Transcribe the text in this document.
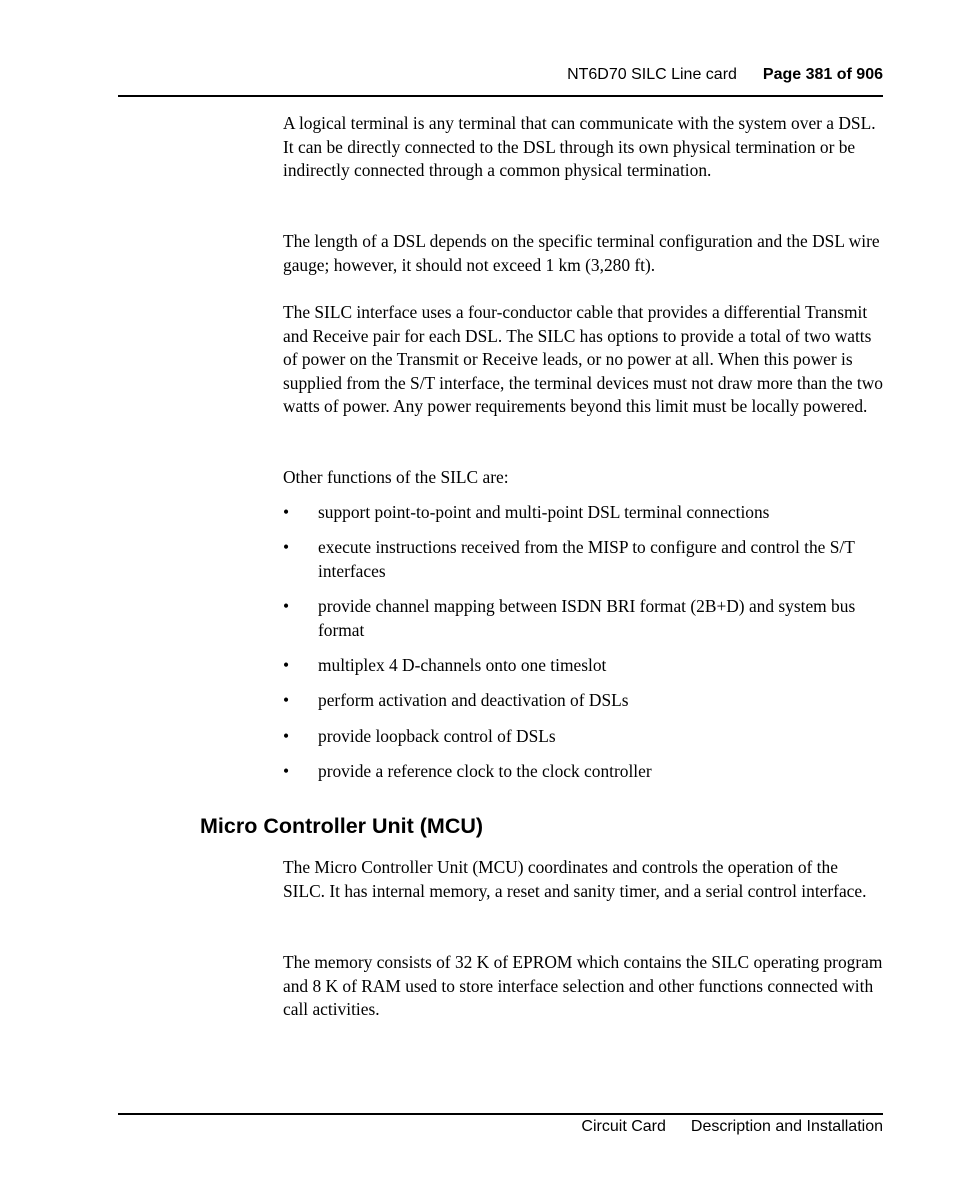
NT6D70 SILC Line card Page 381 of 906

A logical terminal is any terminal that can communicate with the system over a DSL. It can be directly connected to the DSL through its own physical termination or be indirectly connected through a common physical termination.

The length of a DSL depends on the specific terminal configuration and the DSL wire gauge; however, it should not exceed 1 km (3,280 ft).

The SILC interface uses a four-conductor cable that provides a differential Transmit and Receive pair for each DSL. The SILC has options to provide a total of two watts of power on the Transmit or Receive leads, or no power at all. When this power is supplied from the S/T interface, the terminal devices must not draw more than the two watts of power. Any power requirements beyond this limit must be locally powered.

Other functions of the SILC are:

• support point-to-point and multi-point DSL terminal connections
• execute instructions received from the MISP to configure and control the S/T interfaces
• provide channel mapping between ISDN BRI format (2B+D) and system bus format
• multiplex 4 D-channels onto one timeslot
• perform activation and deactivation of DSLs
• provide loopback control of DSLs
• provide a reference clock to the clock controller
Micro Controller Unit (MCU)

The Micro Controller Unit (MCU) coordinates and controls the operation of the SILC. It has internal memory, a reset and sanity timer, and a serial control interface.

The memory consists of 32 K of EPROM which contains the SILC operating program and 8 K of RAM used to store interface selection and other functions connected with call activities.

Circuit Card Description and Installation
